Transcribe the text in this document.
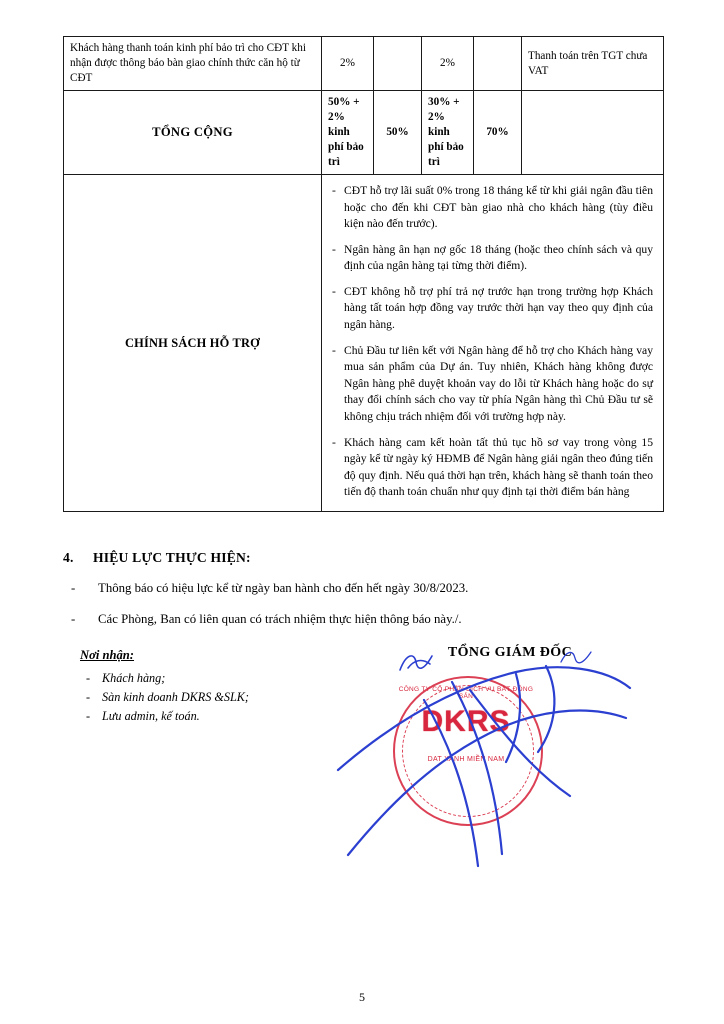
Khách hàng thanh toán kinh phí bảo trì cho CĐT khi nhận được thông báo bàn giao chính thức căn hộ từ CĐT	2%		2%		Thanh toán trên TGT chưa VAT
TỔNG CỘNG	50% + 2% kinh phí bảo trì	50%	30% + 2% kinh phí bảo trì	70%	
CHÍNH SÁCH HỖ TRỢ	
- CĐT hỗ trợ lãi suất 0% trong 18 tháng kể từ khi giải ngân đầu tiên hoặc cho đến khi CĐT bàn giao nhà cho khách hàng (tùy điều kiện nào đến trước).
- Ngân hàng ân hạn nợ gốc 18 tháng (hoặc theo chính sách và quy định của ngân hàng tại từng thời điểm).
- CĐT không hỗ trợ phí trả nợ trước hạn trong trường hợp Khách hàng tất toán hợp đồng vay trước thời hạn vay theo quy định của ngân hàng.
- Chủ Đầu tư liên kết với Ngân hàng để hỗ trợ cho Khách hàng vay mua sản phẩm của Dự án. Tuy nhiên, Khách hàng không được Ngân hàng phê duyệt khoản vay do lỗi từ Khách hàng hoặc do sự thay đổi chính sách cho vay từ phía Ngân hàng thì Chủ Đầu tư sẽ không chịu trách nhiệm đối với trường hợp này.
- Khách hàng cam kết hoàn tất thủ tục hồ sơ vay trong vòng 15 ngày kể từ ngày ký HĐMB để Ngân hàng giải ngân theo đúng tiến độ quy định. Nếu quá thời hạn trên, khách hàng sẽ thanh toán theo tiến độ thanh toán chuẩn như quy định tại thời điểm bán hàng
4. HIỆU LỰC THỰC HIỆN:
- Thông báo có hiệu lực kể từ ngày ban hành cho đến hết ngày 30/8/2023.
- Các Phòng, Ban có liên quan có trách nhiệm thực hiện thông báo này./.
Nơi nhận:
- Khách hàng;
- Sàn kinh doanh DKRS &SLK;
- Lưu admin, kế toán.
TỔNG GIÁM ĐỐC
CÔNG TY CỔ PHẦN DỊCH VỤ BẤT ĐỘNG SẢN
DKRS
DAT XANH MIỀN NAM
5
